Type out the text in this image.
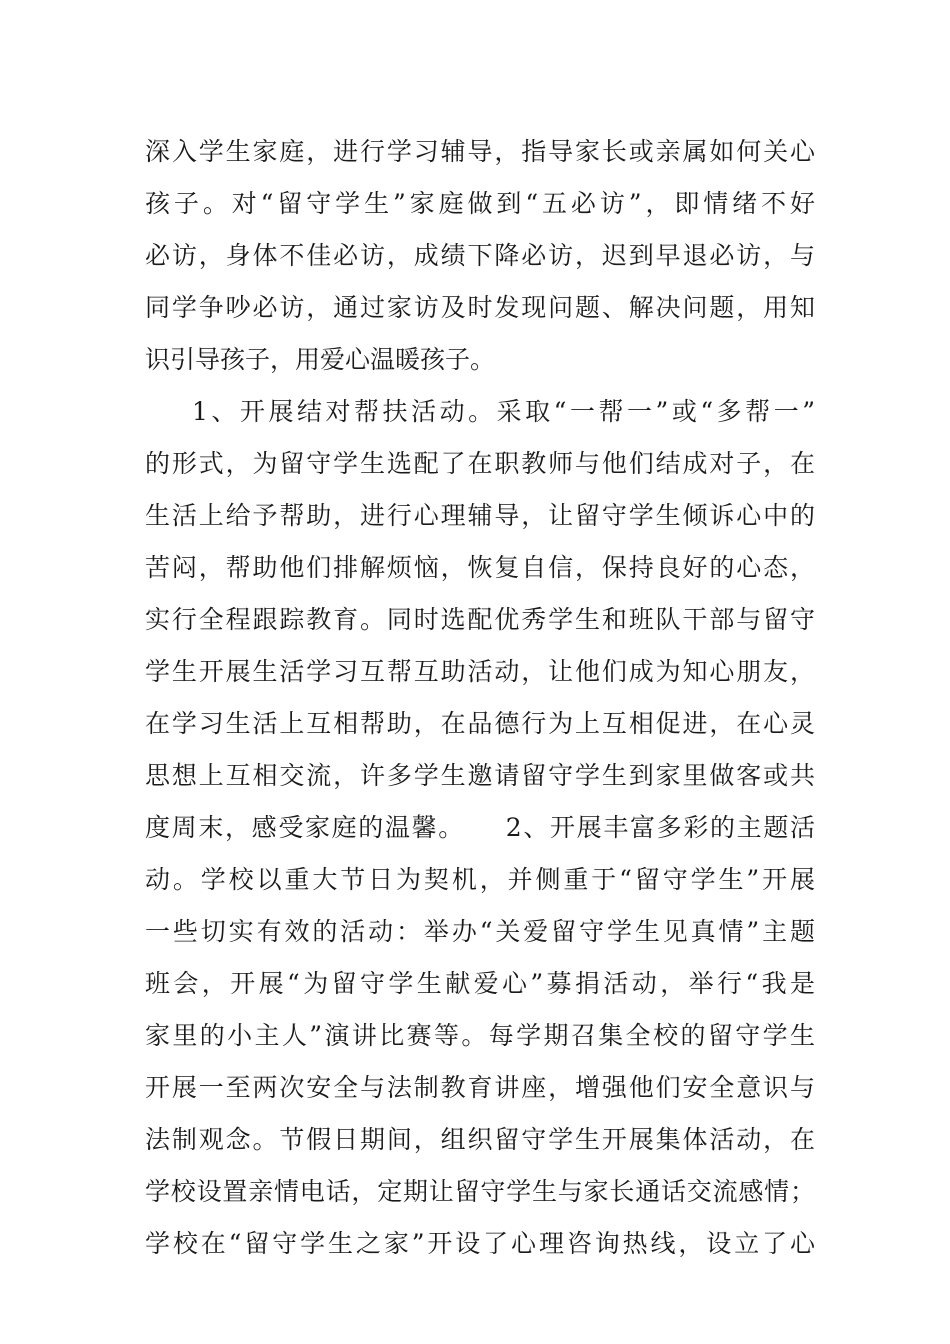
深入学生家庭，进行学习辅导，指导家长或亲属如何关心
孩子。对“留守学生”家庭做到“五必访”，即情绪不好
必访，身体不佳必访，成绩下降必访，迟到早退必访，与
同学争吵必访，通过家访及时发现问题、解决问题，用知
识引导孩子，用爱心温暖孩子。
1、开展结对帮扶活动。采取“一帮一”或“多帮一”
的形式，为留守学生选配了在职教师与他们结成对子，在
生活上给予帮助，进行心理辅导，让留守学生倾诉心中的
苦闷，帮助他们排解烦恼，恢复自信，保持良好的心态，
实行全程跟踪教育。同时选配优秀学生和班队干部与留守
学生开展生活学习互帮互助活动，让他们成为知心朋友，
在学习生活上互相帮助，在品德行为上互相促进，在心灵
思想上互相交流，许多学生邀请留守学生到家里做客或共
度周末，感受家庭的温馨。　　2、开展丰富多彩的主题活
动。学校以重大节日为契机，并侧重于“留守学生”开展
一些切实有效的活动：举办“关爱留守学生见真情”主题
班会，开展“为留守学生献爱心”募捐活动，举行“我是
家里的小主人”演讲比赛等。每学期召集全校的留守学生
开展一至两次安全与法制教育讲座，增强他们安全意识与
法制观念。节假日期间，组织留守学生开展集体活动，在
学校设置亲情电话，定期让留守学生与家长通话交流感情；
学校在“留守学生之家”开设了心理咨询热线，设立了心
